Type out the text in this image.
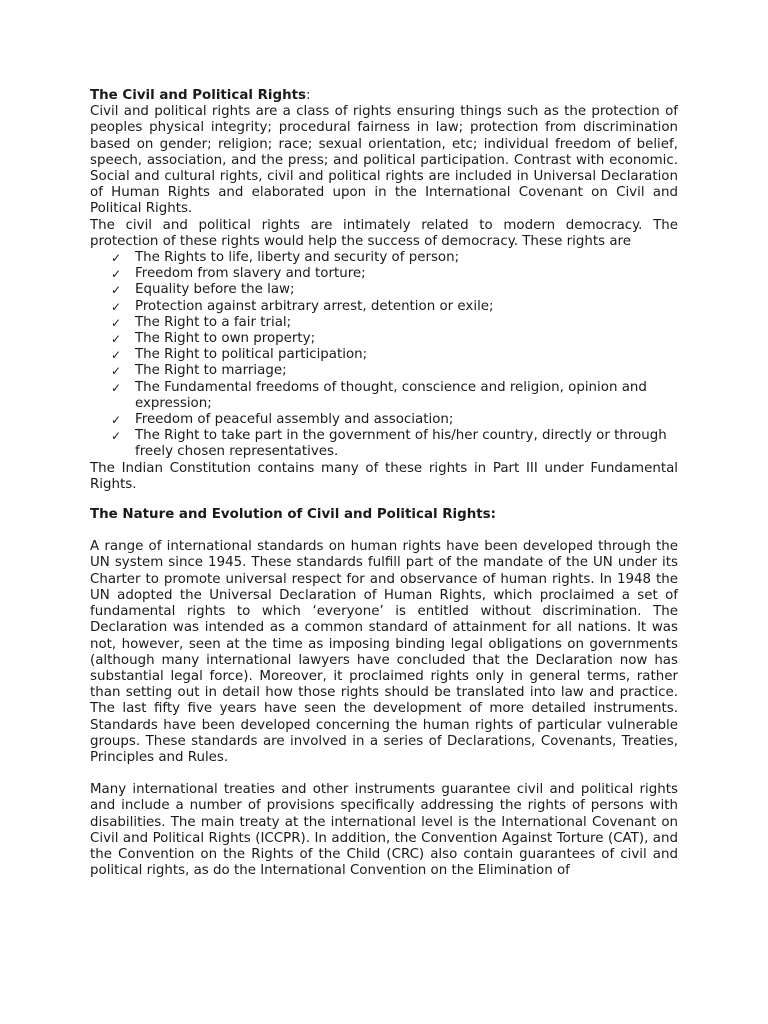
The Civil and Political Rights:

Civil and political rights are a class of rights ensuring things such as the protection of peoples physical integrity; procedural fairness in law; protection from discrimination based on gender; religion; race; sexual orientation, etc; individual freedom of belief, speech, association, and the press; and political participation. Contrast with economic. Social and cultural rights, civil and political rights are included in Universal Declaration of Human Rights and elaborated upon in the International Covenant on Civil and Political Rights.

The civil and political rights are intimately related to modern democracy. The protection of these rights would help the success of democracy. These rights are

✓ The Rights to life, liberty and security of person;
✓ Freedom from slavery and torture;
✓ Equality before the law;
✓ Protection against arbitrary arrest, detention or exile;
✓ The Right to a fair trial;
✓ The Right to own property;
✓ The Right to political participation;
✓ The Right to marriage;
✓ The Fundamental freedoms of thought, conscience and religion, opinion and expression;
✓ Freedom of peaceful assembly and association;
✓ The Right to take part in the government of his/her country, directly or through freely chosen representatives.

The Indian Constitution contains many of these rights in Part III under Fundamental Rights.

The Nature and Evolution of Civil and Political Rights:

A range of international standards on human rights have been developed through the UN system since 1945. These standards fulfill part of the mandate of the UN under its Charter to promote universal respect for and observance of human rights. In 1948 the UN adopted the Universal Declaration of Human Rights, which proclaimed a set of fundamental rights to which ‘everyone’ is entitled without discrimination. The Declaration was intended as a common standard of attainment for all nations. It was not, however, seen at the time as imposing binding legal obligations on governments (although many international lawyers have concluded that the Declaration now has substantial legal force). Moreover, it proclaimed rights only in general terms, rather than setting out in detail how those rights should be translated into law and practice. The last fifty five years have seen the development of more detailed instruments. Standards have been developed concerning the human rights of particular vulnerable groups. These standards are involved in a series of Declarations, Covenants, Treaties, Principles and Rules.

Many international treaties and other instruments guarantee civil and political rights and include a number of provisions specifically addressing the rights of persons with disabilities. The main treaty at the international level is the International Covenant on Civil and Political Rights (ICCPR). In addition, the Convention Against Torture (CAT), and the Convention on the Rights of the Child (CRC) also contain guarantees of civil and political rights, as do the International Convention on the Elimination of
